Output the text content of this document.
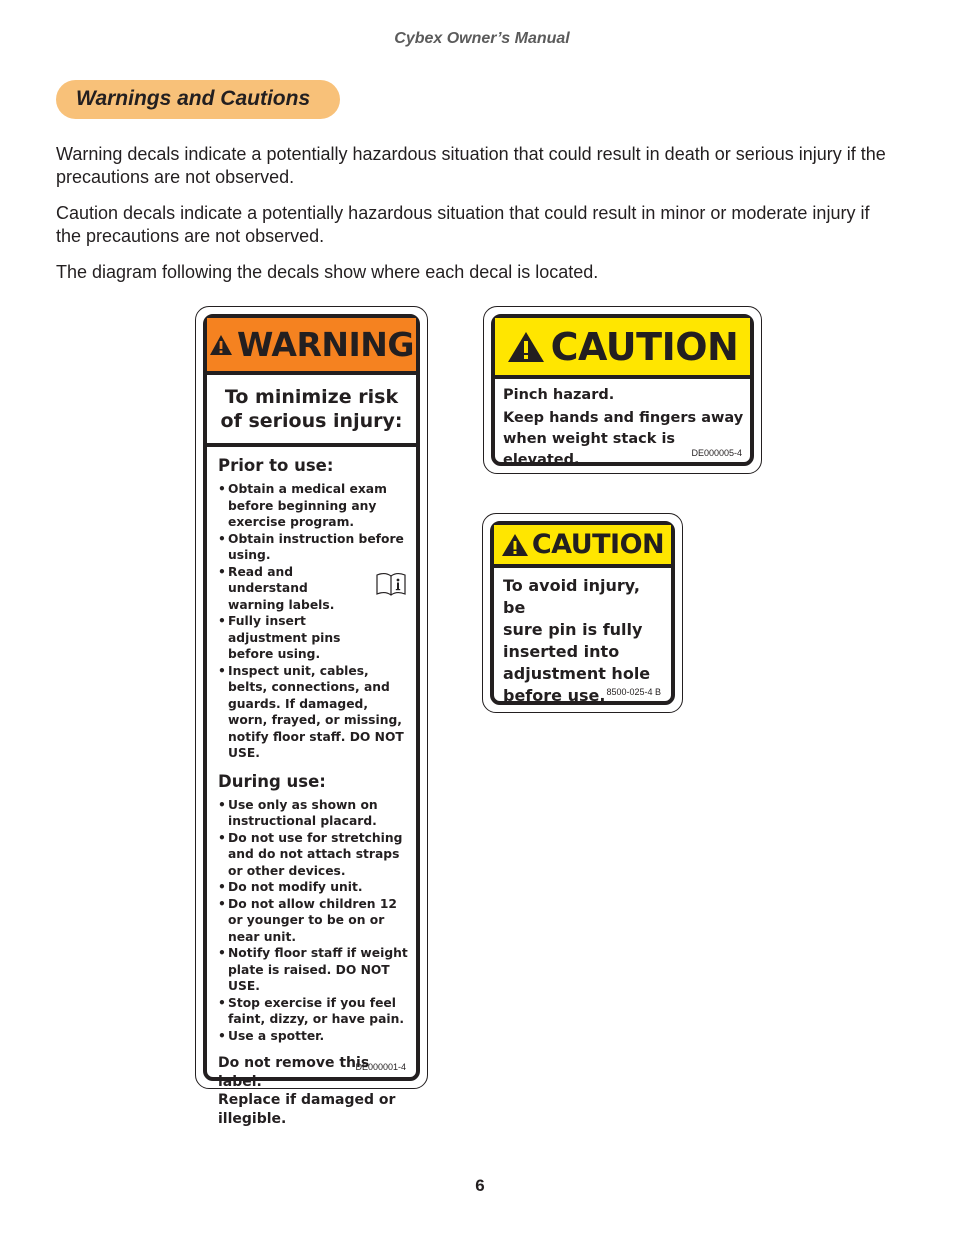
Cybex Owner’s Manual
Warnings and Cautions

Warning decals indicate a potentially hazardous situation that could result in death or serious injury if the precautions are not observed.

Caution decals indicate a potentially hazardous situation that could result in minor or moderate injury if the precautions are not observed.

The diagram following the decals show where each decal is located.

WARNING
To minimize risk
of serious injury:
Prior to use:
• Obtain a medical exam before beginning any exercise program.
• Obtain instruction before using.
• Read and understand warning labels.
• Fully insert adjustment pins before using.
• Inspect unit, cables, belts, connections, and guards. If damaged, worn, frayed, or missing, notify floor staff. DO NOT USE.
During use:
• Use only as shown on instructional placard.
• Do not use for stretching and do not attach straps or other devices.
• Do not modify unit.
• Do not allow children 12 or younger to be on or near unit.
• Notify floor staff if weight plate is raised. DO NOT USE.
• Stop exercise if you feel faint, dizzy, or have pain.
• Use a spotter.
Do not remove this label.
Replace if damaged or
illegible.
DE000001-4
CAUTION

Pinch hazard.

Keep hands and fingers away
when weight stack is elevated.	DE000005-4
CAUTION
To avoid injury, be
sure pin is fully
inserted into
adjustment hole
before use. 8500-025-4 B
6
